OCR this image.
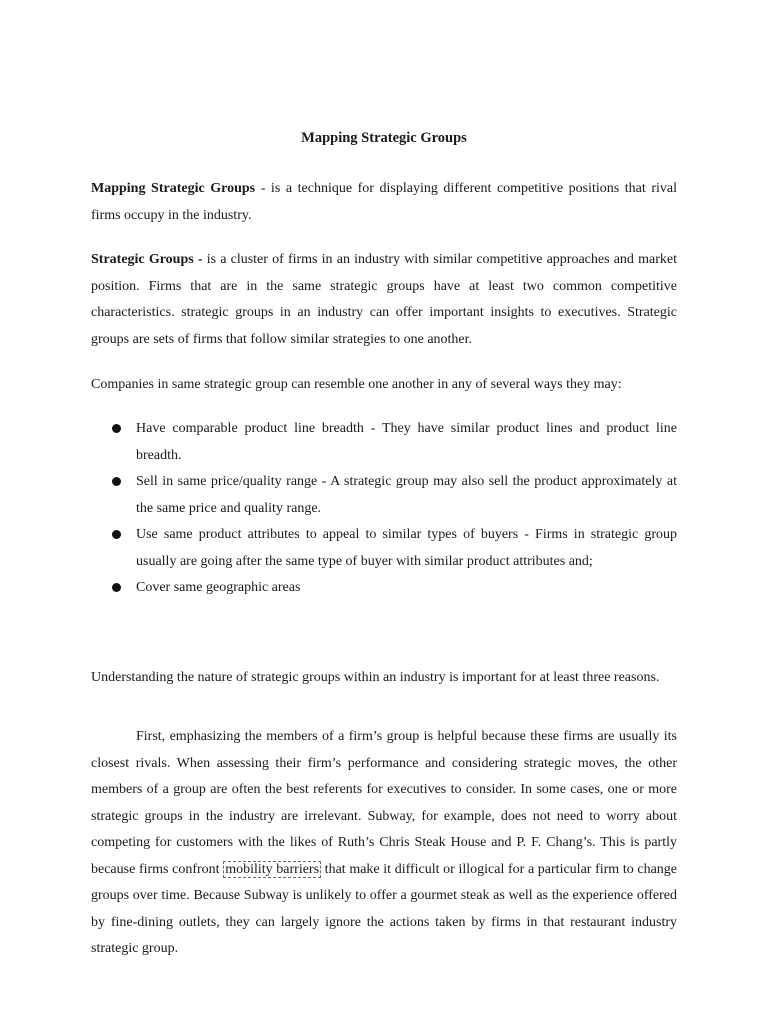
Mapping Strategic Groups

Mapping Strategic Groups - is a technique for displaying different competitive positions that rival firms occupy in the industry.

Strategic Groups - is a cluster of firms in an industry with similar competitive approaches and market position. Firms that are in the same strategic groups have at least two common competitive characteristics. strategic groups in an industry can offer important insights to executives. Strategic groups are sets of firms that follow similar strategies to one another.

Companies in same strategic group can resemble one another in any of several ways they may:

Have comparable product line breadth - They have similar product lines and product line breadth.
Sell in same price/quality range - A strategic group may also sell the product approximately at the same price and quality range.
Use same product attributes to appeal to similar types of buyers - Firms in strategic group usually are going after the same type of buyer with similar product attributes and;
Cover same geographic areas

Understanding the nature of strategic groups within an industry is important for at least three reasons.

First, emphasizing the members of a firm’s group is helpful because these firms are usually its closest rivals. When assessing their firm’s performance and considering strategic moves, the other members of a group are often the best referents for executives to consider. In some cases, one or more strategic groups in the industry are irrelevant. Subway, for example, does not need to worry about competing for customers with the likes of Ruth’s Chris Steak House and P. F. Chang’s. This is partly because firms confront mobility barriers that make it difficult or illogical for a particular firm to change groups over time. Because Subway is unlikely to offer a gourmet steak as well as the experience offered by fine-dining outlets, they can largely ignore the actions taken by firms in that restaurant industry strategic group.
